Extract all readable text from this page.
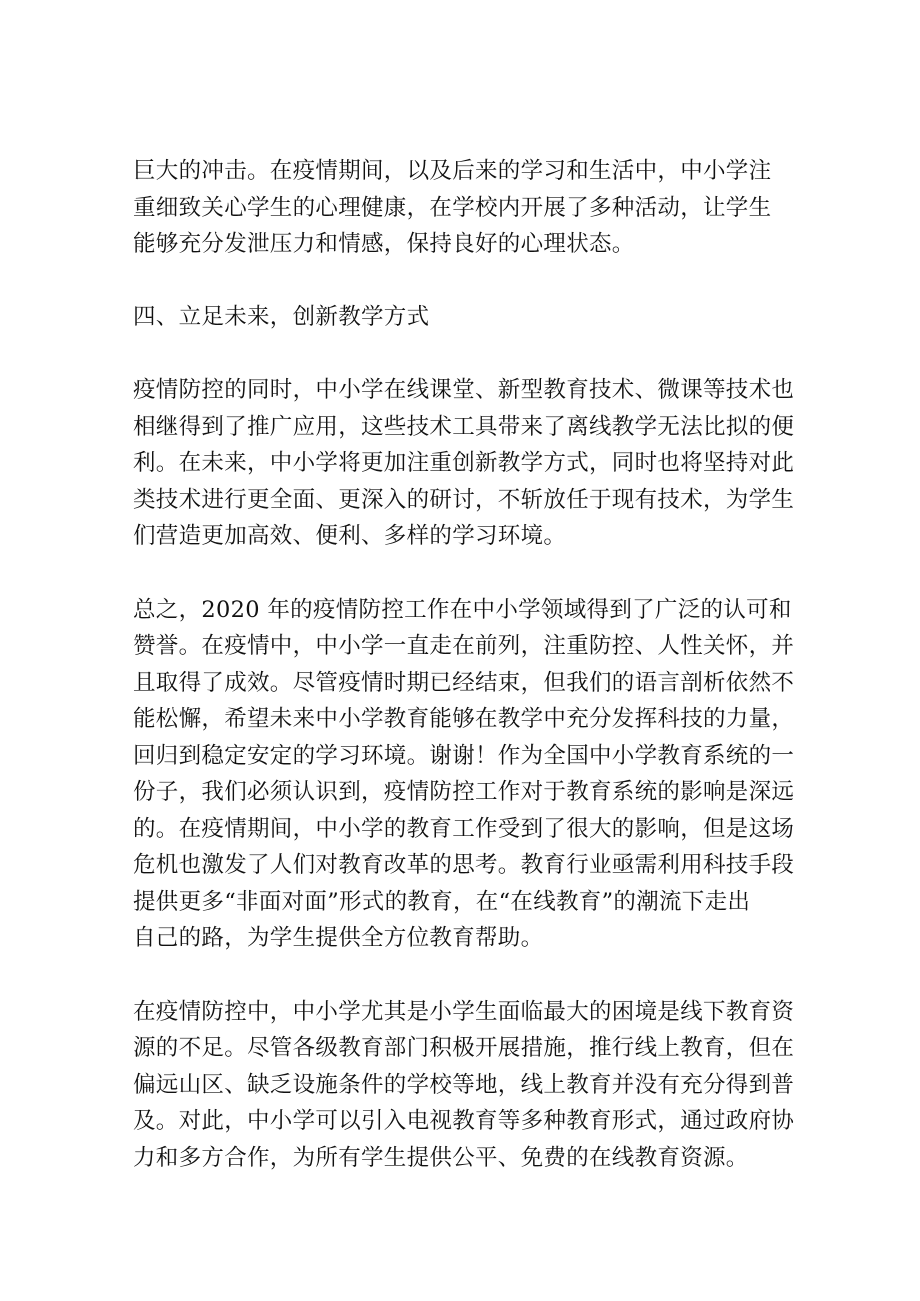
巨大的冲击。在疫情期间，以及后来的学习和生活中，中小学注
重细致关心学生的心理健康，在学校内开展了多种活动，让学生
能够充分发泄压力和情感，保持良好的心理状态。

四、立足未来，创新教学方式

疫情防控的同时，中小学在线课堂、新型教育技术、微课等技术也
相继得到了推广应用，这些技术工具带来了离线教学无法比拟的便
利。在未来，中小学将更加注重创新教学方式，同时也将坚持对此
类技术进行更全面、更深入的研讨，不斩放任于现有技术，为学生
们营造更加高效、便利、多样的学习环境。

总之，2020 年的疫情防控工作在中小学领域得到了广泛的认可和
赞誉。在疫情中，中小学一直走在前列，注重防控、人性关怀，并
且取得了成效。尽管疫情时期已经结束，但我们的语言剖析依然不
能松懈，希望未来中小学教育能够在教学中充分发挥科技的力量，
回归到稳定安定的学习环境。谢谢！作为全国中小学教育系统的一
份子，我们必须认识到，疫情防控工作对于教育系统的影响是深远
的。在疫情期间，中小学的教育工作受到了很大的影响，但是这场
危机也激发了人们对教育改革的思考。教育行业亟需利用科技手段
提供更多“非面对面”形式的教育，在“在线教育”的潮流下走出
自己的路，为学生提供全方位教育帮助。

在疫情防控中，中小学尤其是小学生面临最大的困境是线下教育资
源的不足。尽管各级教育部门积极开展措施，推行线上教育，但在
偏远山区、缺乏设施条件的学校等地，线上教育并没有充分得到普
及。对此，中小学可以引入电视教育等多种教育形式，通过政府协
力和多方合作，为所有学生提供公平、免费的在线教育资源。
